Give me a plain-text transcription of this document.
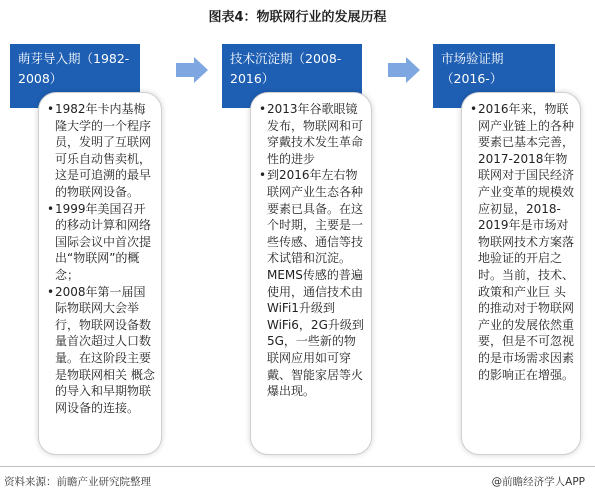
图表4：物联网行业的发展历程
萌芽导入期（1982-2008）
技术沉淀期（2008-2016）
市场验证期（2016-）
• 1982年卡内基梅隆大学的一个程序员，发明了互联网可乐自动售卖机，这是可追溯的最早的物联网设备。
• 1999年美国召开的移动计算和网络国际会议中首次提出“物联网”的概念；
• 2008年第一届国际物联网大会举行，物联网设备数量首次超过人口数量。在这阶段主要是物联网相关 概念的导入和早期物联网设备的连接。
• 2013年谷歌眼镜发布，物联网和可穿戴技术发生革命性的进步
• 到2016年左右物联网产业生态各种要素已具备。在这个时期，主要是一些传感、通信等技术试错和沉淀。MEMS传感的普遍使用，通信技术由WiFi1升级到WiFi6，2G升级到5G，一些新的物联网应用如可穿戴、智能家居等火爆出现。
• 2016年来，物联网产业链上的各种要素已基本完善，2017-2018年物联网对于国民经济产业变革的规模效应初显，2018-2019年是市场对物联网技术方案落地验证的开启之时。当前，技术、政策和产业巨 头的推动对于物联网产业的发展依然重要，但是不可忽视的是市场需求因素的影响正在增强。
资料来源：前瞻产业研究院整理	@前瞻经济学人APP
